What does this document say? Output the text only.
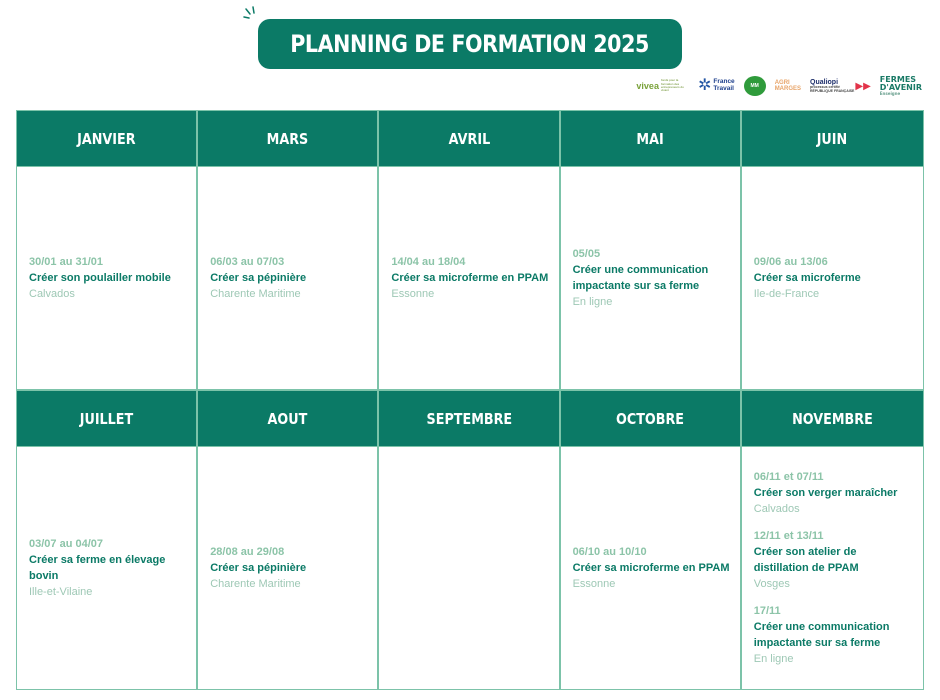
PLANNING DE FORMATION 2025
vivea
fonds pour la formation des entrepreneurs du vivant	✲ France
Travail	MM
AGRI
MARGES
Qualiopi
processus certifié
RÉPUBLIQUE FRANÇAISE ▶▶
FERMES
D'AVENIR
Enseigne
JANVIER
30/01 au 31/01
Créer son poulailler mobile
Calvados
MARS
06/03 au 07/03
Créer sa pépinière
Charente Maritime
AVRIL
14/04 au 18/04
Créer sa microferme en PPAM
Essonne
MAI
05/05
Créer une communication impactante sur sa ferme
En ligne
JUIN
09/06 au 13/06
Créer sa microferme
Ile-de-France
JUILLET
03/07 au 04/07
Créer sa ferme en élevage bovin
Ille-et-Vilaine
AOUT
28/08 au 29/08
Créer sa pépinière
Charente Maritime
SEPTEMBRE	OCTOBRE
06/10 au 10/10
Créer sa microferme en PPAM
Essonne
NOVEMBRE
06/11 et 07/11
Créer son verger maraîcher
Calvados
12/11 et 13/11
Créer son atelier de distillation de PPAM
Vosges
17/11
Créer une communication impactante sur sa ferme
En ligne
